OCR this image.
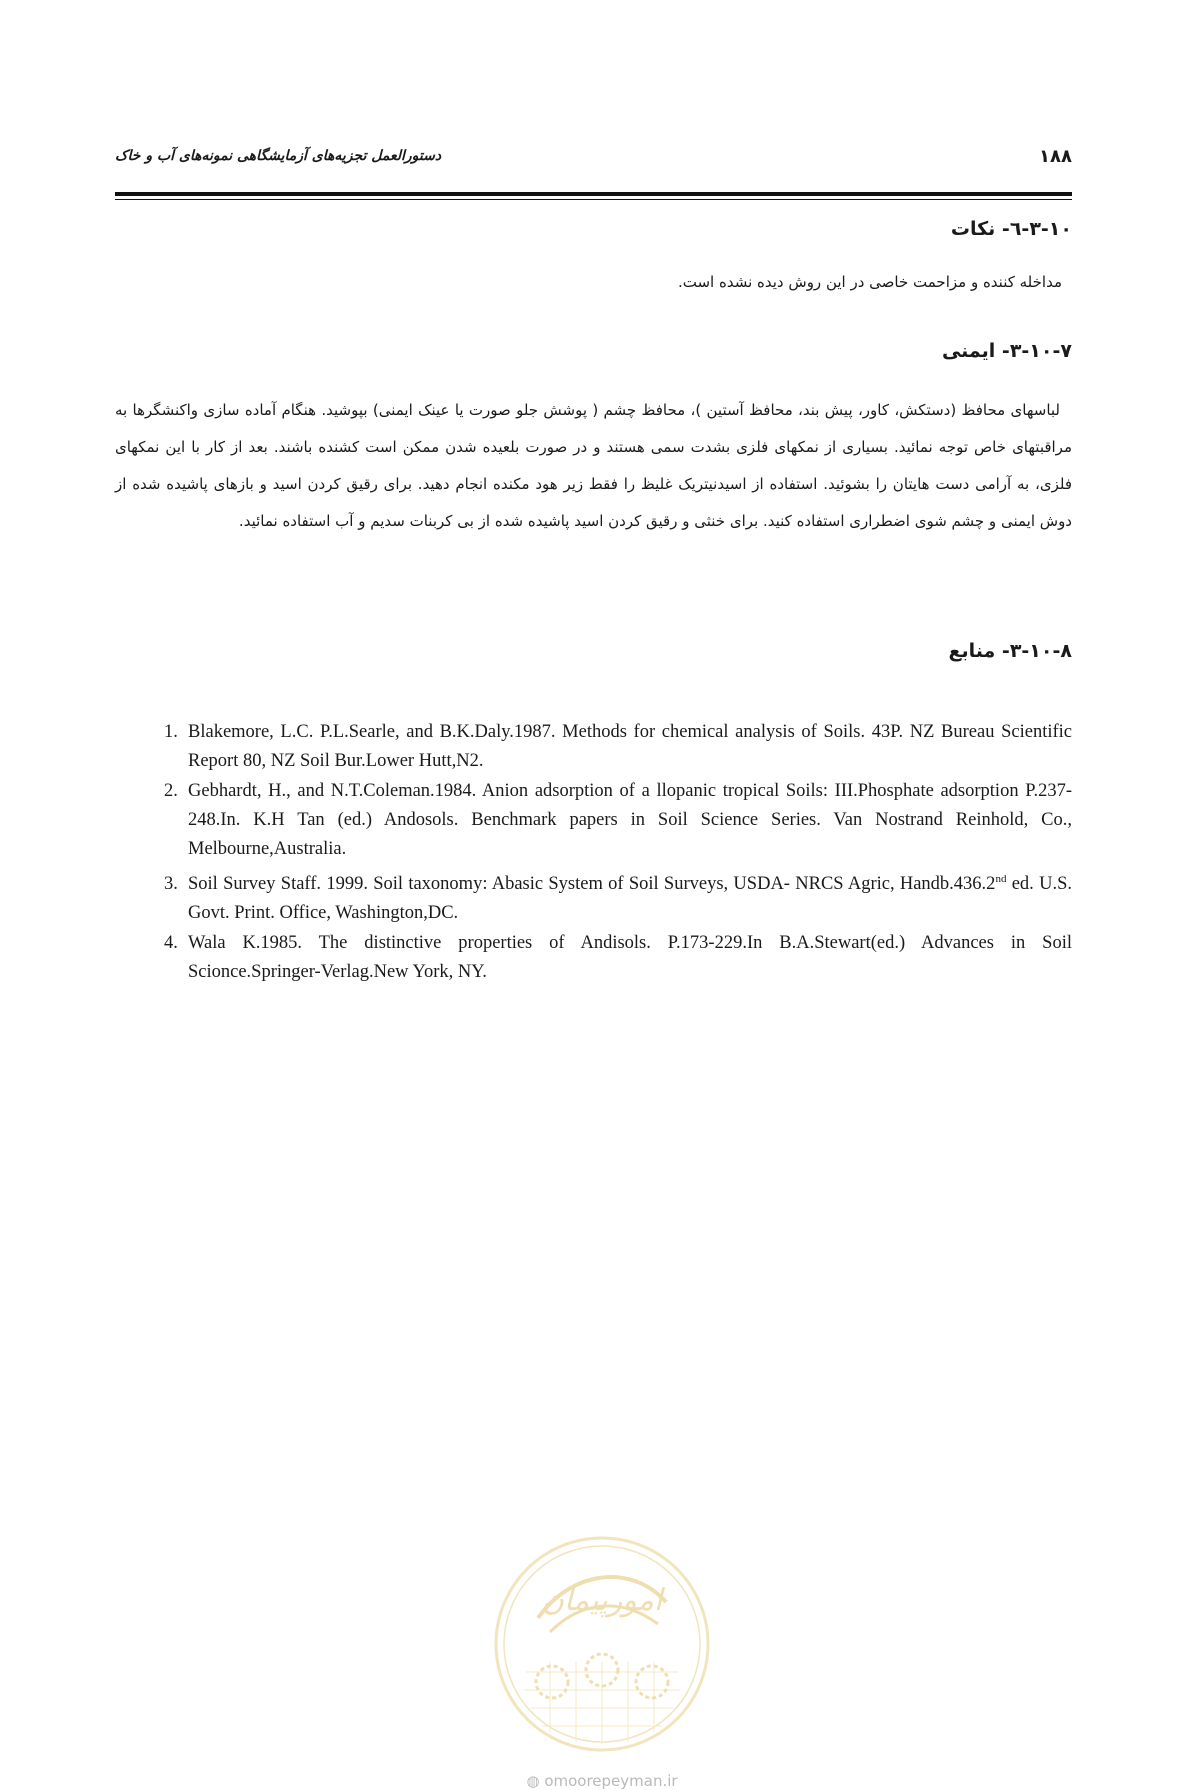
۱۸۸
دستورالعمل تجزیه‌های آزمایشگاهی نمونه‌های آب و خاک
۳-۱۰-٦- نکات
مداخله کننده و مزاحمت خاصی در این روش دیده نشده است.
۳-۱۰-۷- ایمنی
لباسهای محافظ (دستکش، کاور، پیش بند، محافظ آستین )، محافظ چشم ( پوشش جلو صورت یا عینک ایمنی) بپوشید. هنگام آماده سازی واکنشگرها به مراقبتهای خاص توجه نمائید. بسیاری از نمکهای فلزی بشدت سمی هستند و در صورت بلعیده شدن ممکن است کشنده باشند. بعد از کار با این نمکهای فلزی، به آرامی دست هایتان را بشوئید. استفاده از اسیدنیتریک غلیظ را فقط زیر هود مکنده انجام دهید. برای رقیق کردن اسید و بازهای پاشیده شده از دوش ایمنی و چشم شوی اضطراری استفاده کنید. برای خنثی و رقیق کردن اسید پاشیده شده از بی کربنات سدیم و آب استفاده نمائید.
۳-۱۰-۸- منابع
1. Blakemore, L.C. P.L.Searle, and B.K.Daly.1987. Methods for chemical analysis of Soils. 43P. NZ Bureau Scientific Report 80, NZ Soil Bur.Lower Hutt,N2.
2. Gebhardt, H., and N.T.Coleman.1984. Anion adsorption of a llopanic tropical Soils: III.Phosphate adsorption P.237-248.In. K.H Tan (ed.) Andosols. Benchmark papers in Soil Science Series. Van Nostrand Reinhold, Co., Melbourne,Australia.
3. Soil Survey Staff. 1999. Soil taxonomy: Abasic System of Soil Surveys, USDA- NRCS Agric, Handb.436.2nd ed. U.S. Govt. Print. Office, Washington,DC.
4. Wala K.1985. The distinctive properties of Andisols. P.173-229.In B.A.Stewart(ed.) Advances in Soil Scionce.Springer-Verlag.New York, NY.
امورپیمان
◍ omoorepeyman.ir
